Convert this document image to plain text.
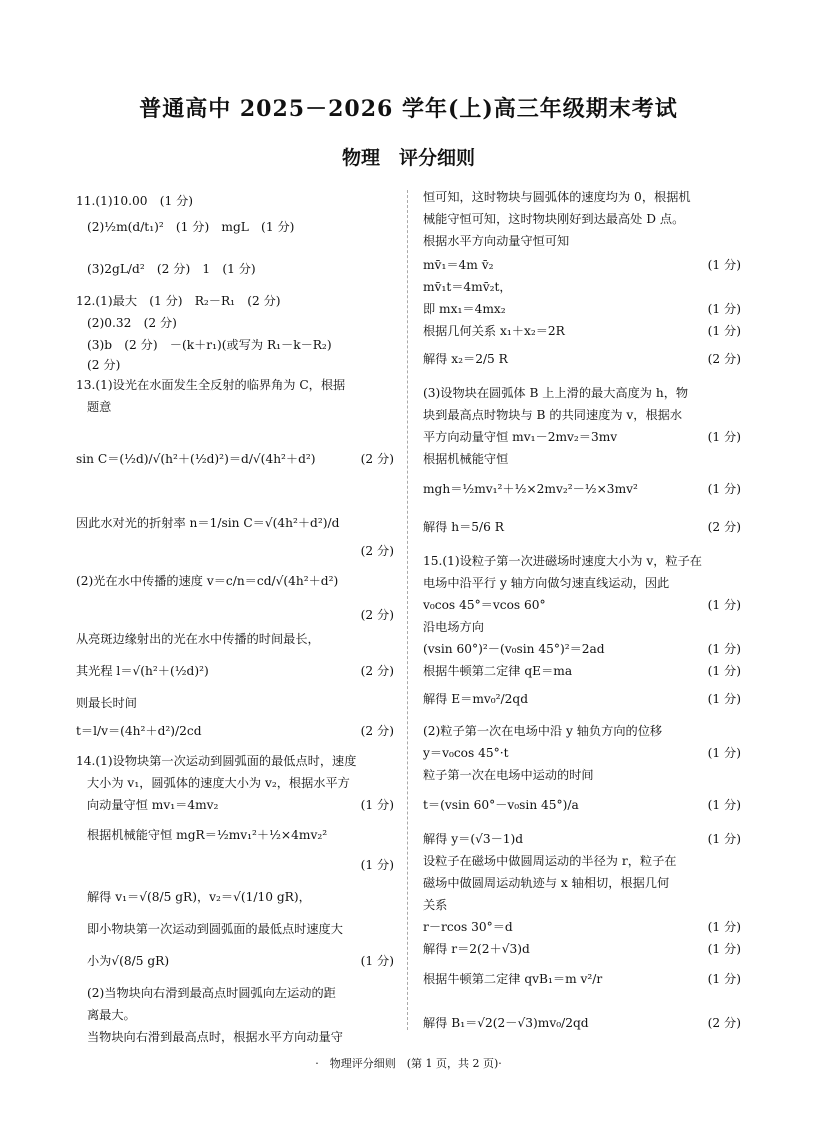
普通高中 2025－2026 学年(上)高三年级期末考试
物理　评分细则
11.(1)10.00　(1 分)
(2)½m(d/t₁)²　(1 分)　mgL　(1 分)
(3)2gL/d²　(2 分)　1　(1 分)
12.(1)最大　(1 分)　R₂－R₁　(2 分)
(2)0.32　(2 分)
(3)b　(2 分)　－(k＋r₁)(或写为 R₁－k－R₂)
(2 分)
13.(1)设光在水面发生全反射的临界角为 C，根据
题意
sin C＝(½d)/√(h²＋(½d)²)＝d/√(4h²＋d²)	(2 分)
因此水对光的折射率 n＝1/sin C＝√(4h²＋d²)/d
(2 分)
(2)光在水中传播的速度 v＝c/n＝cd/√(4h²＋d²)
(2 分)
从亮斑边缘射出的光在水中传播的时间最长，
其光程 l＝√(h²＋(½d)²)	(2 分)
则最长时间
t＝l/v＝(4h²＋d²)/2cd	(2 分)
14.(1)设物块第一次运动到圆弧面的最低点时，速度
大小为 v₁，圆弧体的速度大小为 v₂，根据水平方
向动量守恒 mv₁＝4mv₂	(1 分)
根据机械能守恒 mgR＝½mv₁²＋½×4mv₂²
(1 分)
解得 v₁＝√(8/5 gR)，v₂＝√(1/10 gR)，
即小物块第一次运动到圆弧面的最低点时速度大
小为√(8/5 gR)	(1 分)
(2)当物块向右滑到最高点时圆弧向左运动的距
离最大。
当物块向右滑到最高点时，根据水平方向动量守
恒可知，这时物块与圆弧体的速度均为 0，根据机
械能守恒可知，这时物块刚好到达最高处 D 点。
根据水平方向动量守恒可知
mv̄₁＝4m v̄₂	(1 分)
mv̄₁t＝4mv̄₂t，
即 mx₁＝4mx₂	(1 分)
根据几何关系 x₁＋x₂＝2R	(1 分)
解得 x₂＝2/5 R	(2 分)
(3)设物块在圆弧体 B 上上滑的最大高度为 h，物
块到最高点时物块与 B 的共同速度为 v，根据水
平方向动量守恒 mv₁－2mv₂＝3mv	(1 分)
根据机械能守恒
mgh＝½mv₁²＋½×2mv₂²－½×3mv²	(1 分)
解得 h＝5/6 R	(2 分)
15.(1)设粒子第一次进磁场时速度大小为 v，粒子在
电场中沿平行 y 轴方向做匀速直线运动，因此
v₀cos 45°＝vcos 60°	(1 分)
沿电场方向
(vsin 60°)²－(v₀sin 45°)²＝2ad	(1 分)
根据牛顿第二定律 qE＝ma	(1 分)
解得 E＝mv₀²/2qd	(1 分)
(2)粒子第一次在电场中沿 y 轴负方向的位移
y＝v₀cos 45°·t	(1 分)
粒子第一次在电场中运动的时间
t＝(vsin 60°－v₀sin 45°)/a	(1 分)
解得 y＝(√3－1)d	(1 分)
设粒子在磁场中做圆周运动的半径为 r，粒子在
磁场中做圆周运动轨迹与 x 轴相切，根据几何
关系
r－rcos 30°＝d	(1 分)
解得 r＝2(2＋√3)d	(1 分)
根据牛顿第二定律 qvB₁＝m v²/r	(1 分)
解得 B₁＝√2(2－√3)mv₀/2qd	(2 分)
·　物理评分细则　(第 1 页，共 2 页)·
